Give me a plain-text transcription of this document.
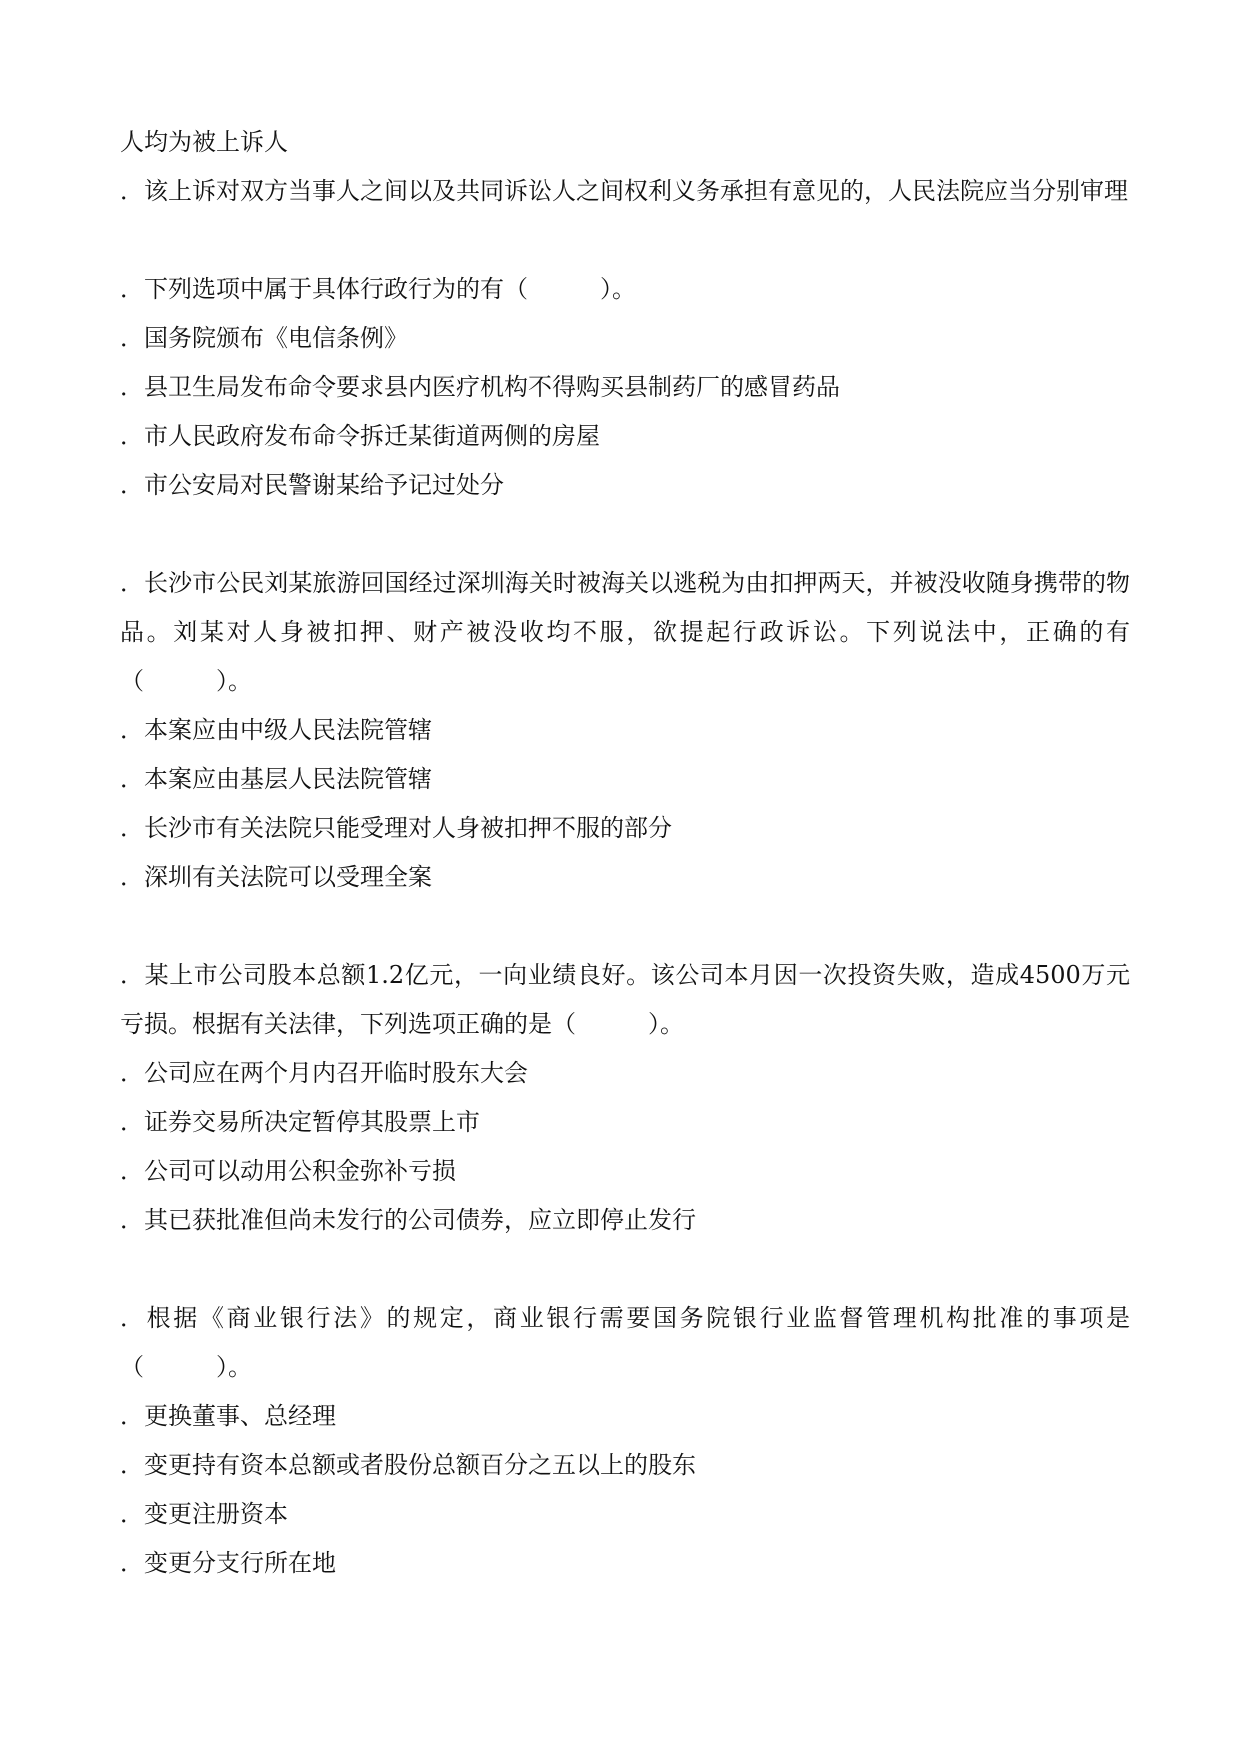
人均为被上诉人
．该上诉对双方当事人之间以及共同诉讼人之间权利义务承担有意见的，人民法院应当分别审理
．下列选项中属于具体行政行为的有（　　　）。
．国务院颁布《电信条例》
．县卫生局发布命令要求县内医疗机构不得购买县制药厂的感冒药品
．市人民政府发布命令拆迁某街道两侧的房屋
．市公安局对民警谢某给予记过处分
．长沙市公民刘某旅游回国经过深圳海关时被海关以逃税为由扣押两天，并被没收随身携带的物品。刘某对人身被扣押、财产被没收均不服，欲提起行政诉讼。下列说法中，正确的有（　　　）。
．本案应由中级人民法院管辖
．本案应由基层人民法院管辖
．长沙市有关法院只能受理对人身被扣押不服的部分
．深圳有关法院可以受理全案
．某上市公司股本总额1.2亿元，一向业绩良好。该公司本月因一次投资失败，造成4500万元亏损。根据有关法律，下列选项正确的是（　　　）。
．公司应在两个月内召开临时股东大会
．证券交易所决定暂停其股票上市
．公司可以动用公积金弥补亏损
．其已获批准但尚未发行的公司债券，应立即停止发行
．根据《商业银行法》的规定，商业银行需要国务院银行业监督管理机构批准的事项是（　　　）。
．更换董事、总经理
．变更持有资本总额或者股份总额百分之五以上的股东
．变更注册资本
．变更分支行所在地
